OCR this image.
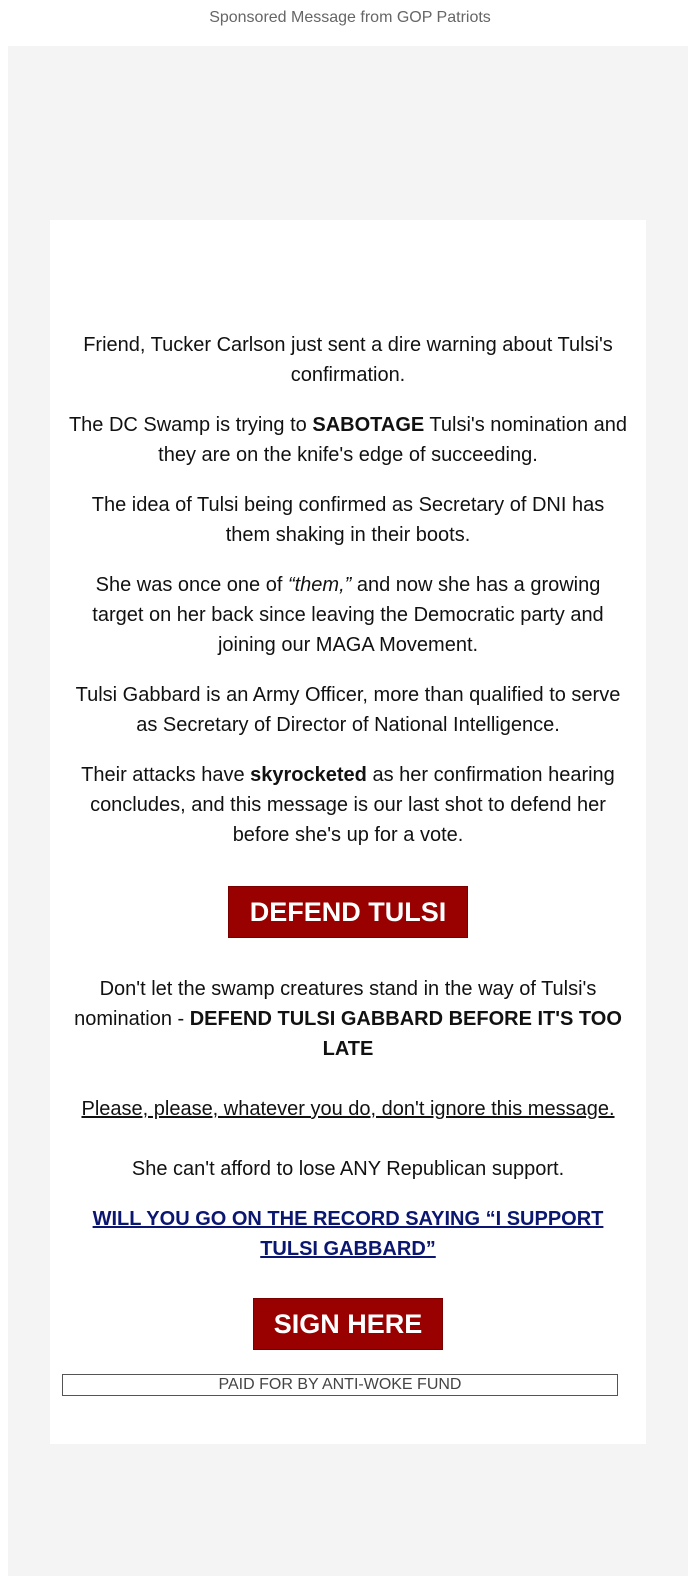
Sponsored Message from GOP Patriots

Friend, Tucker Carlson just sent a dire warning about Tulsi's confirmation.

The DC Swamp is trying to SABOTAGE Tulsi's nomination and they are on the knife's edge of succeeding.

The idea of Tulsi being confirmed as Secretary of DNI has them shaking in their boots.

She was once one of “them,” and now she has a growing target on her back since leaving the Democratic party and joining our MAGA Movement.

Tulsi Gabbard is an Army Officer, more than qualified to serve as Secretary of Director of National Intelligence.

Their attacks have skyrocketed as her confirmation hearing concludes, and this message is our last shot to defend her before she's up for a vote.

DEFEND TULSI

Don't let the swamp creatures stand in the way of Tulsi's nomination - DEFEND TULSI GABBARD BEFORE IT'S TOO LATE

Please, please, whatever you do, don't ignore this message.

She can't afford to lose ANY Republican support.

WILL YOU GO ON THE RECORD SAYING “I SUPPORT TULSI GABBARD”

SIGN HERE
PAID FOR BY ANTI-WOKE FUND
